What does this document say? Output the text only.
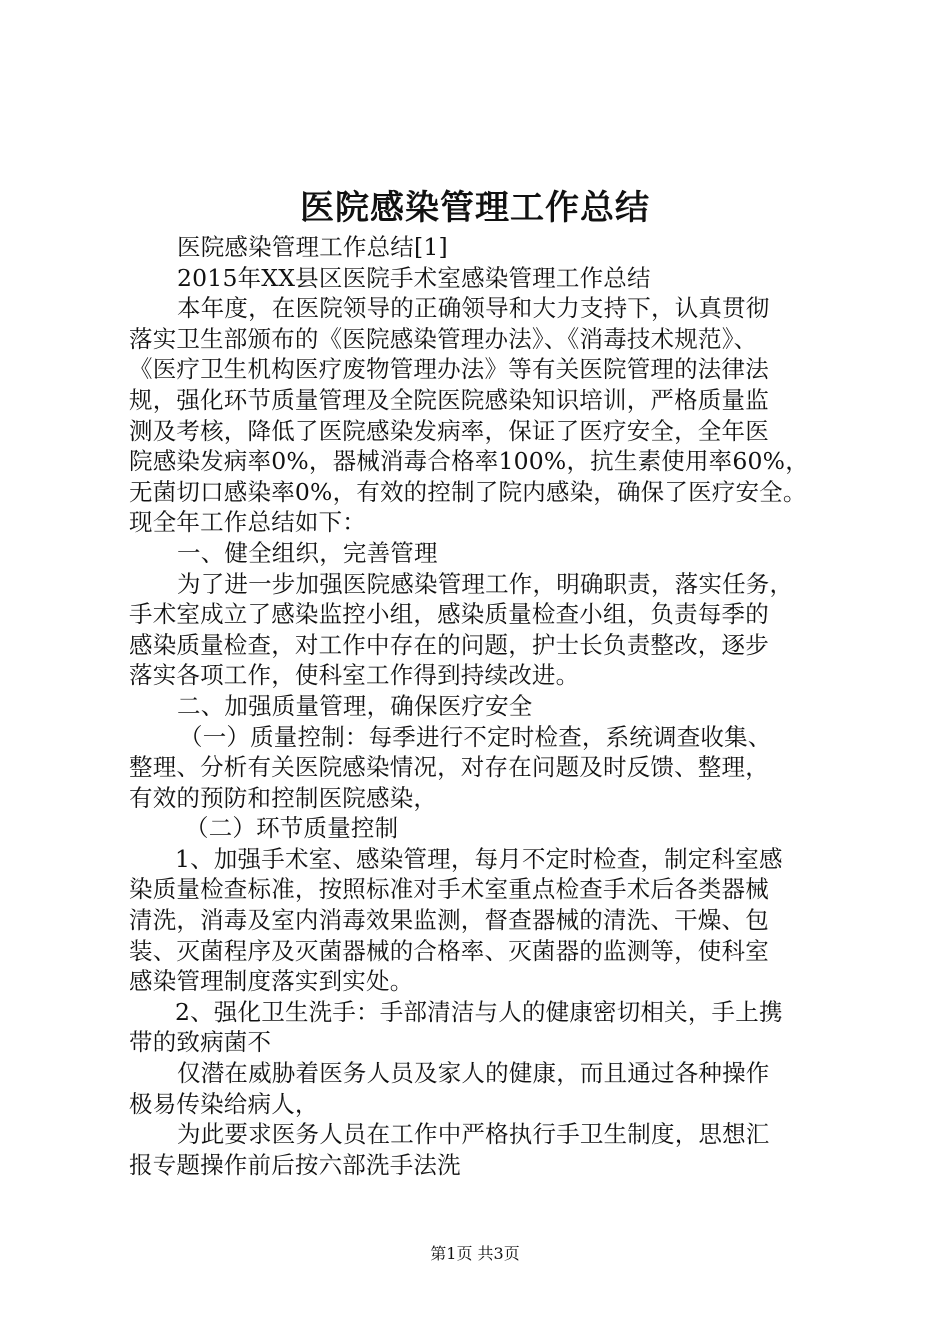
医院感染管理工作总结
医院感染管理工作总结[1]
2015年XX县区医院手术室感染管理工作总结
本年度，在医院领导的正确领导和大力支持下，认真贯彻
落实卫生部颁布的《医院感染管理办法》、《消毒技术规范》、
《医疗卫生机构医疗废物管理办法》等有关医院管理的法律法
规，强化环节质量管理及全院医院感染知识培训，严格质量监
测及考核，降低了医院感染发病率，保证了医疗安全，全年医
院感染发病率0%，器械消毒合格率100%，抗生素使用率60%，
无菌切口感染率0%，有效的控制了院内感染，确保了医疗安全。
现全年工作总结如下：
一、健全组织，完善管理
为了进一步加强医院感染管理工作，明确职责，落实任务，
手术室成立了感染监控小组，感染质量检查小组，负责每季的
感染质量检查，对工作中存在的问题，护士长负责整改，逐步
落实各项工作，使科室工作得到持续改进。
二、加强质量管理，确保医疗安全
（一）质量控制：每季进行不定时检查，系统调查收集、
整理、分析有关医院感染情况，对存在问题及时反馈、整理，
有效的预防和控制医院感染，
（二）环节质量控制
1、加强手术室、感染管理，每月不定时检查，制定科室感
染质量检查标准，按照标准对手术室重点检查手术后各类器械
清洗，消毒及室内消毒效果监测，督查器械的清洗、干燥、包
装、灭菌程序及灭菌器械的合格率、灭菌器的监测等，使科室
感染管理制度落实到实处。
2、强化卫生洗手：手部清洁与人的健康密切相关，手上携
带的致病菌不
仅潜在威胁着医务人员及家人的健康，而且通过各种操作
极易传染给病人，
为此要求医务人员在工作中严格执行手卫生制度，思想汇
报专题操作前后按六部洗手法洗
第1页 共3页
